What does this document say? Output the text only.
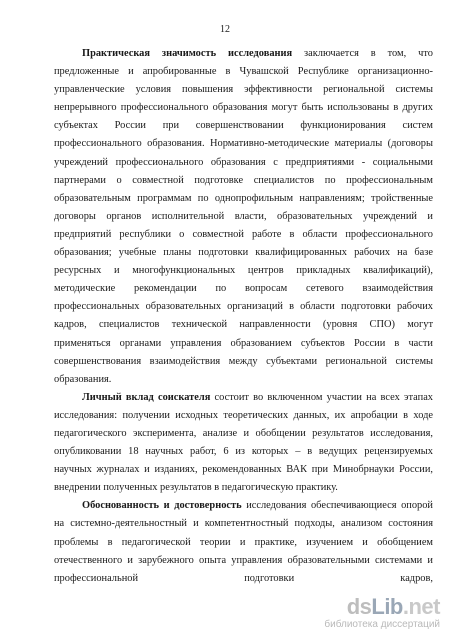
12
Практическая значимость исследования заключается в том, что
предложенные и апробированные в Чувашской Республике организационно-
управленческие условия повышения эффективности региональной системы
непрерывного профессионального образования могут быть использованы в других
субъектах России при совершенствовании функционирования систем
профессионального образования. Нормативно-методические материалы (договоры
учреждений профессионального образования с предприятиями - социальными
партнерами о совместной подготовке специалистов по профессиональным
образовательным программам по однопрофильным направлениям; тройственные
договоры органов исполнительной власти, образовательных учреждений и
предприятий республики о совместной работе в области профессионального
образования; учебные планы подготовки квалифицированных рабочих на базе
ресурсных и многофункциональных центров прикладных квалификаций),
методические рекомендации по вопросам сетевого взаимодействия
профессиональных образовательных организаций в области подготовки рабочих
кадров, специалистов технической направленности (уровня СПО) могут
применяться органами управления образованием субъектов России в части
совершенствования взаимодействия между субъектами региональной системы
образования.
Личный вклад соискателя состоит во включенном участии на всех этапах
исследования: получении исходных теоретических данных, их апробации в ходе
педагогического эксперимента, анализе и обобщении результатов исследования,
опубликовании 18 научных работ, 6 из которых – в ведущих рецензируемых
научных журналах и изданиях, рекомендованных ВАК при Минобрнауки России,
внедрении полученных результатов в педагогическую практику.
Обоснованность и достоверность исследования обеспечивающиеся опорой
на системно-деятельностный и компетентностный подходы, анализом состояния
проблемы в педагогической теории и практике, изучением и обобщением
отечественного и зарубежного опыта управления образовательными системами и
профессиональной подготовки кадров,
dsLib.net
библиотека диссертаций
